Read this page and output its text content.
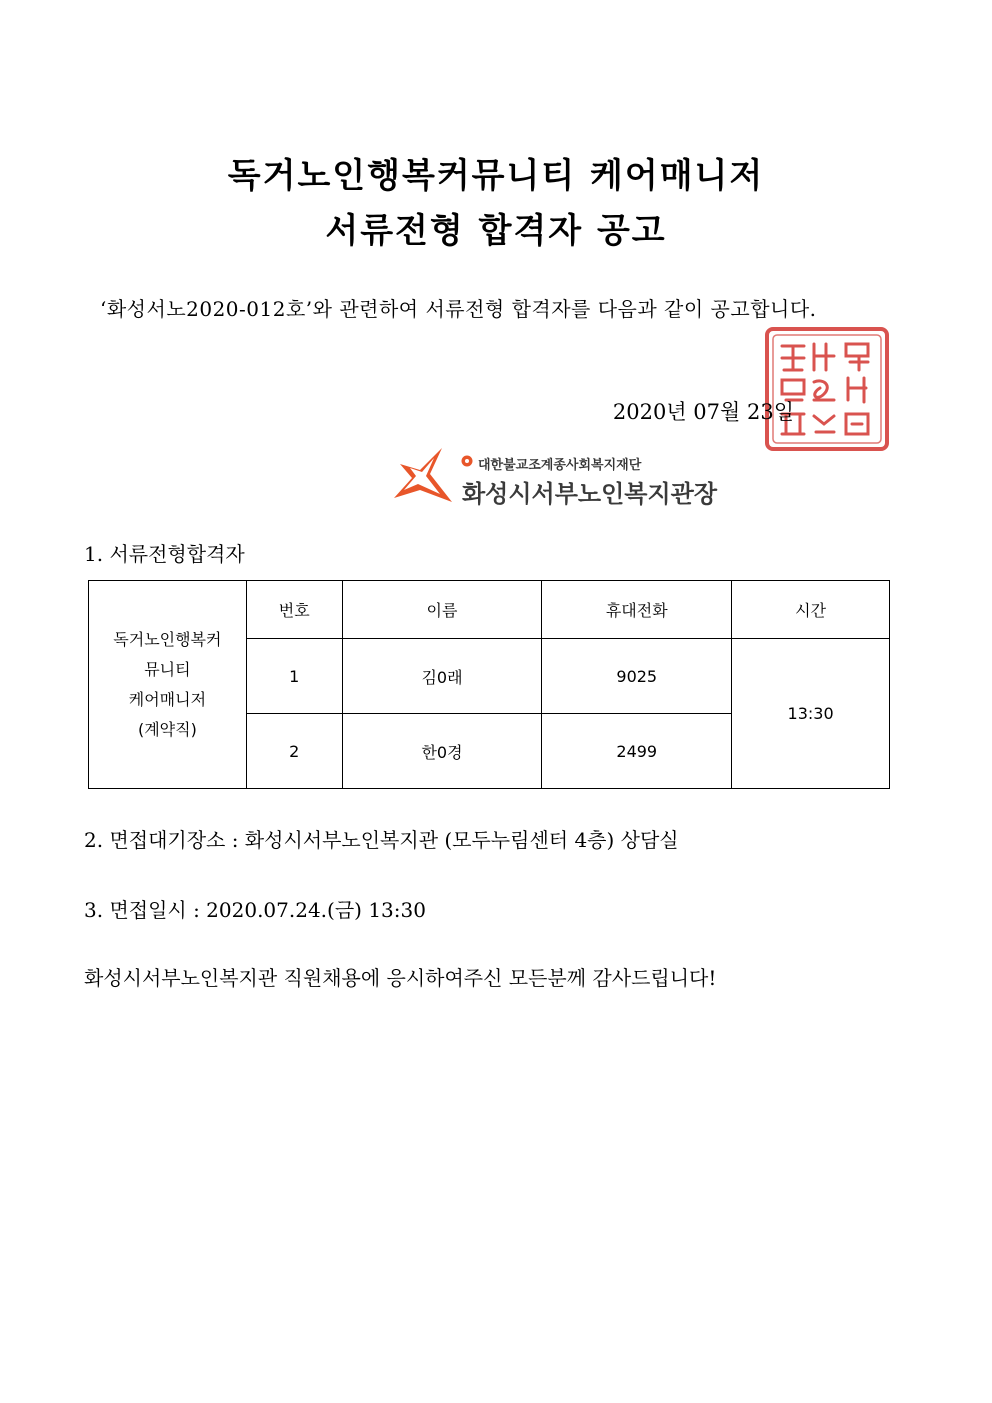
독거노인행복커뮤니티 케어매니저
서류전형 합격자 공고
‘화성서노2020-012호’와 관련하여 서류전형 합격자를 다음과 같이 공고합니다.
2020년 07월 23일
대한불교조계종사회복지재단
화성시서부노인복지관장
1. 서류전형합격자
독거노인행복커
뮤니티
케어매니저
(계약직)	번호	이름	휴대전화	시간
	1	김0래	9025	13:30
	2	한0경	2499	
2. 면접대기장소 : 화성시서부노인복지관 (모두누림센터 4층) 상담실
3. 면접일시 : 2020.07.24.(금) 13:30
화성시서부노인복지관 직원채용에 응시하여주신 모든분께 감사드립니다!
